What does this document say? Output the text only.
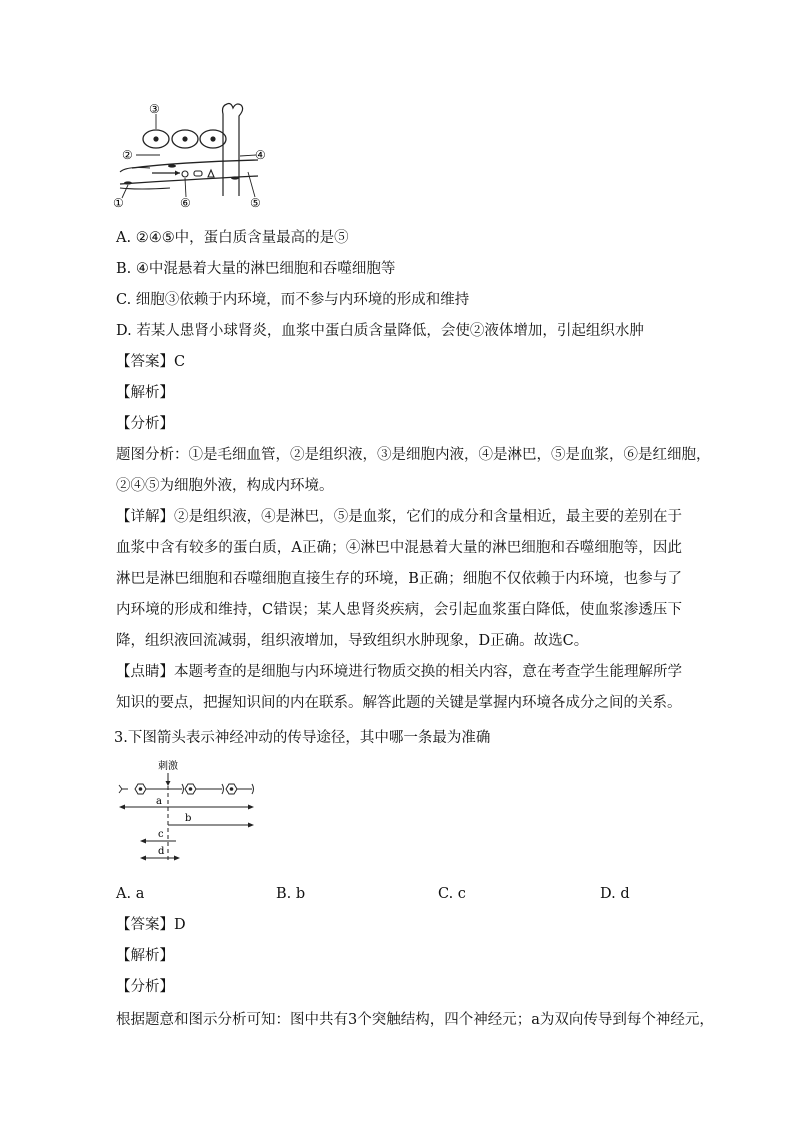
③
②	④
①	⑥	⑤
A. ②④⑤中，蛋白质含量最高的是⑤
B. ④中混悬着大量的淋巴细胞和吞噬细胞等
C. 细胞③依赖于内环境，而不参与内环境的形成和维持
D. 若某人患肾小球肾炎，血浆中蛋白质含量降低，会使②液体增加，引起组织水肿
【答案】C
【解析】
【分析】
题图分析：①是毛细血管，②是组织液，③是细胞内液，④是淋巴，⑤是血浆，⑥是红细胞，
②④⑤为细胞外液，构成内环境。

【详解】②是组织液，④是淋巴，⑤是血浆，它们的成分和含量相近，最主要的差别在于血浆中含有较多的蛋白质，A正确；④淋巴中混悬着大量的淋巴细胞和吞噬细胞等，因此淋巴是淋巴细胞和吞噬细胞直接生存的环境，B正确；细胞不仅依赖于内环境，也参与了内环境的形成和维持，C错误；某人患肾炎疾病，会引起血浆蛋白降低，使血浆渗透压下降，组织液回流减弱，组织液增加，导致组织水肿现象，D正确。故选C。

【点睛】本题考查的是细胞与内环境进行物质交换的相关内容，意在考查学生能理解所学知识的要点，把握知识间的内在联系。解答此题的关键是掌握内环境各成分之间的关系。

3.下图箭头表示神经冲动的传导途径，其中哪一条最为准确
刺激
a
b
c
d
A. a	B. b	C. c	D. d
【答案】D
【解析】
【分析】
根据题意和图示分析可知：图中共有3个突触结构，四个神经元；a为双向传导到每个神经元，
